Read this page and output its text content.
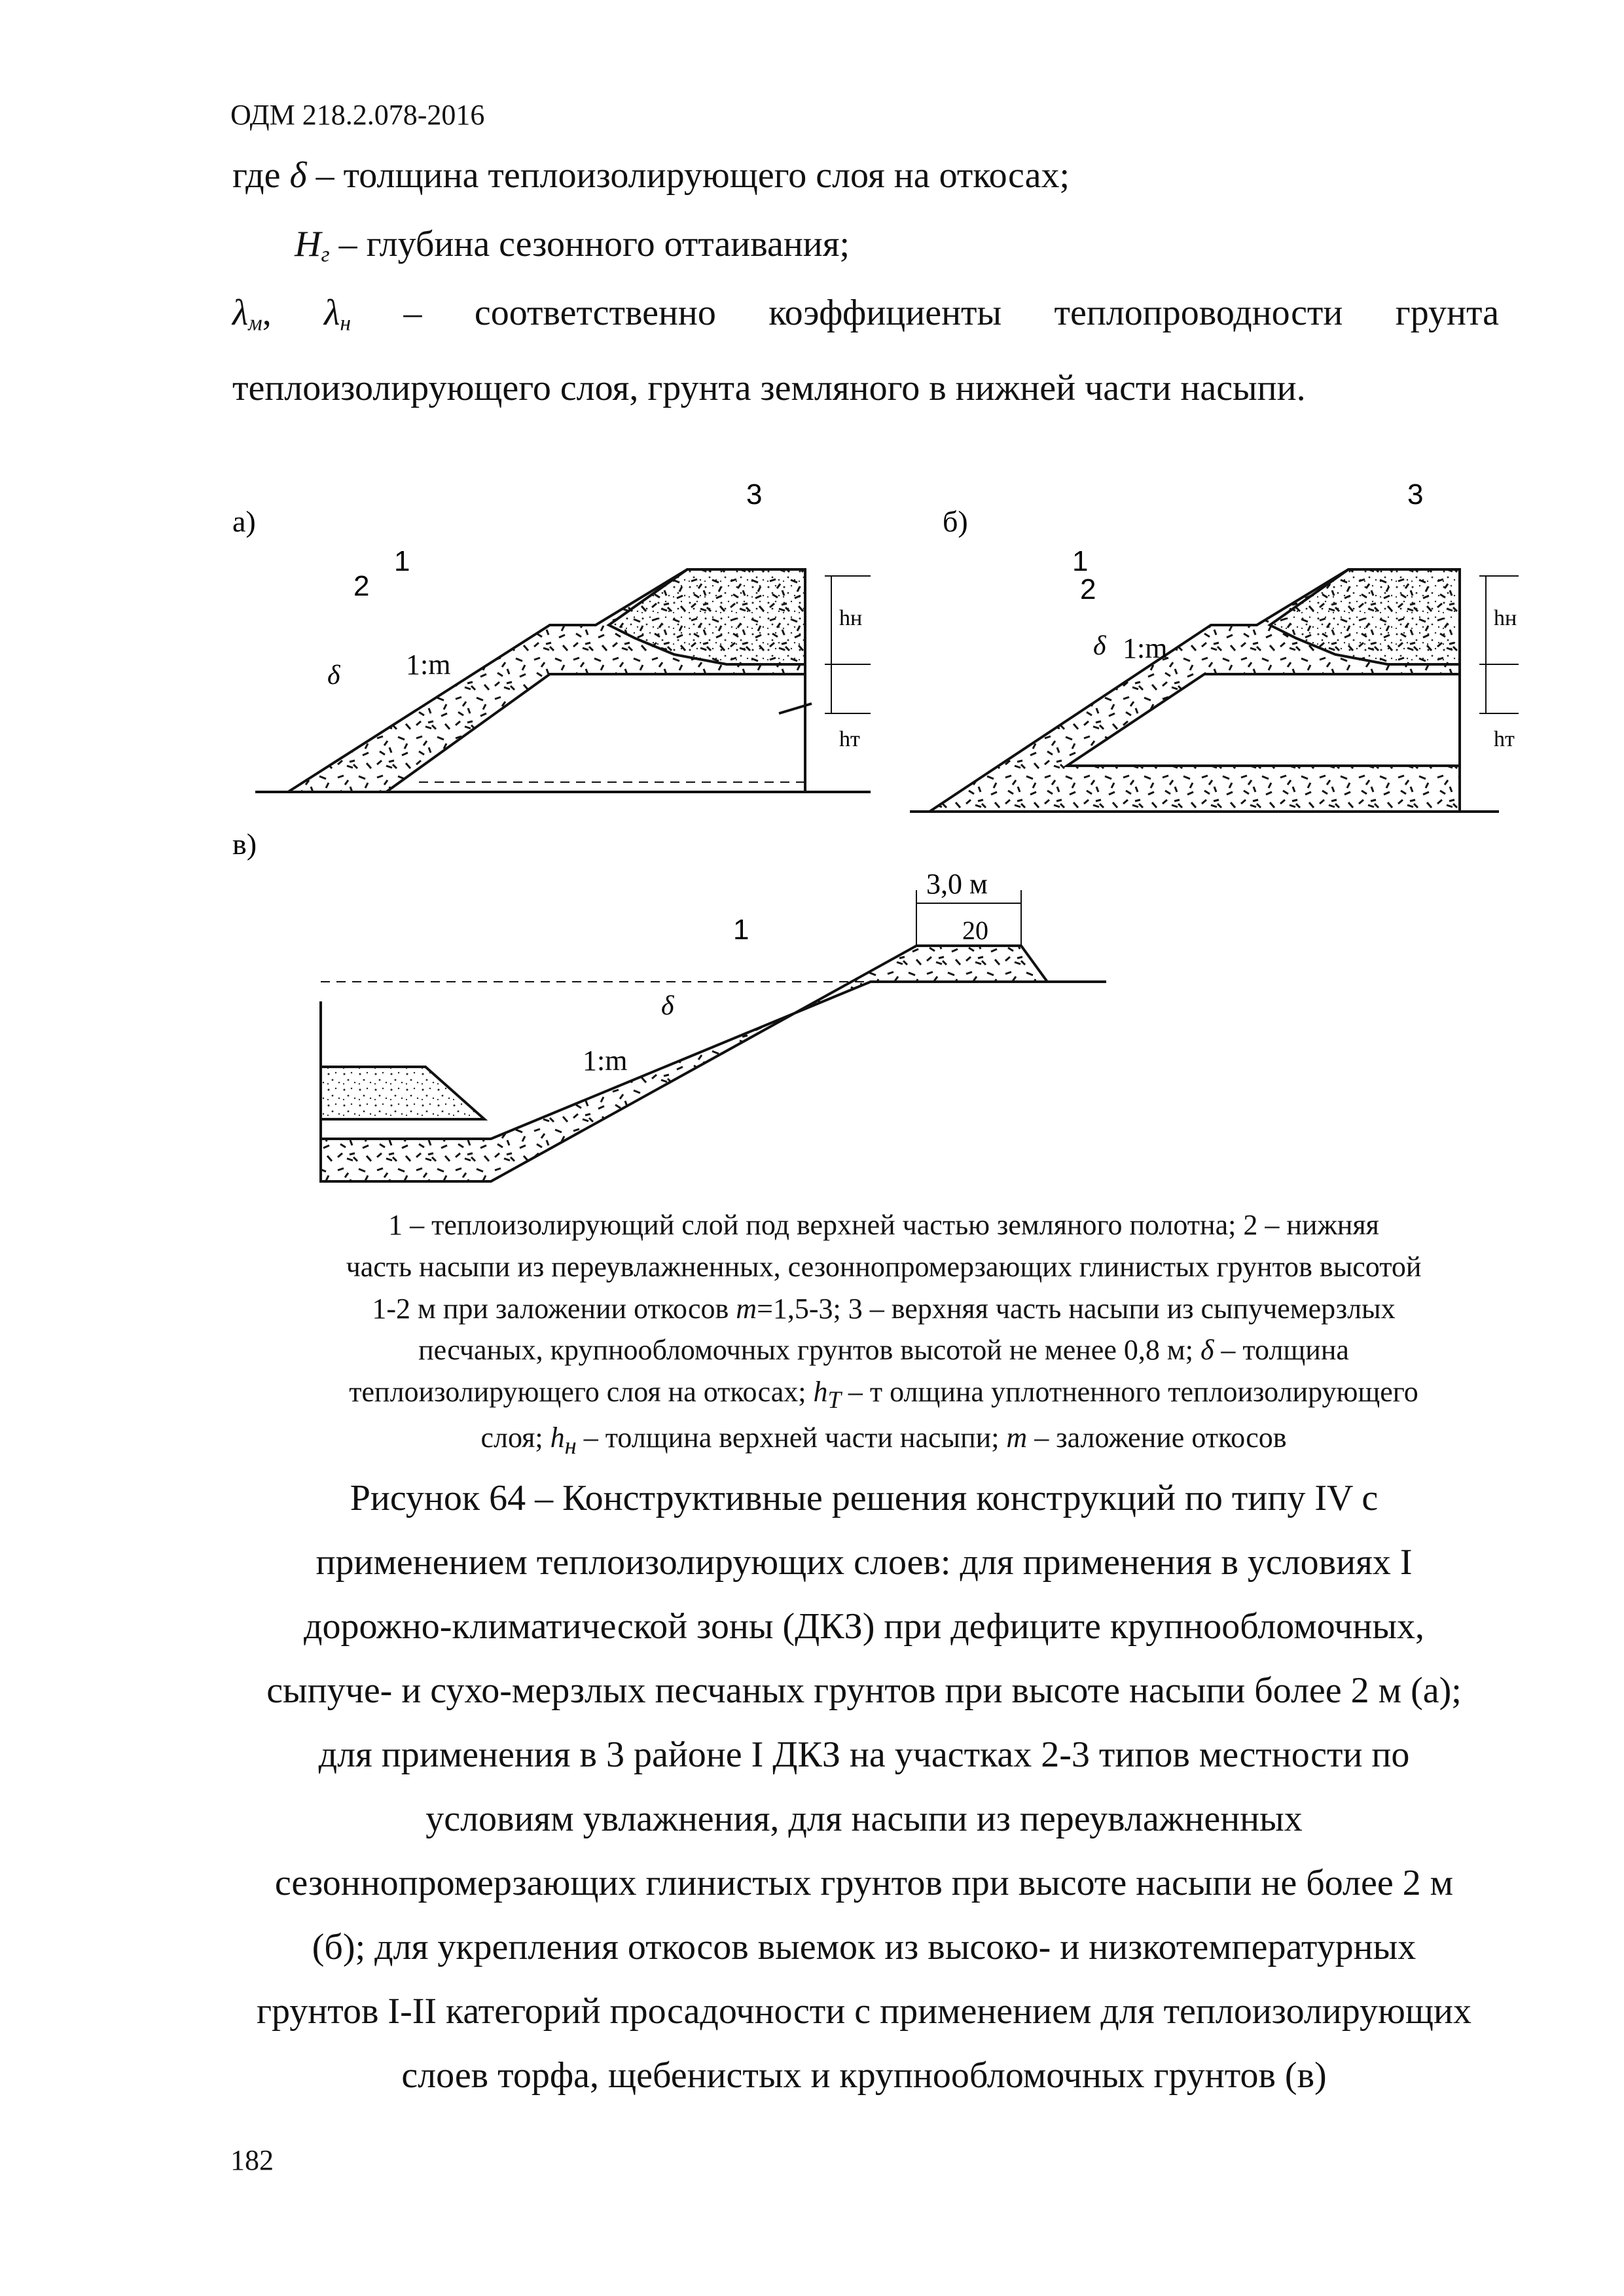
ОДМ 218.2.078-2016
где δ – толщина теплоизолирующего слоя на откосах;
$H_г$ – глубина сезонного оттаивания;
$\lambda_м$, $\lambda_н$ – соответственно коэффициенты теплопроводности грунта
теплоизолирующего слоя, грунта земляного в нижней части насыпи.
а)
1
2
3
1:m
δ
hн
hт
б)
1
2
3
1:m
δ
hн
hт
в)
3,0 м
20
1
1:m
δ
1 – теплоизолирующий слой под верхней частью земляного полотна; 2 – нижняя
часть насыпи из переувлажненных, сезоннопромерзающих глинистых грунтов высотой
1-2 м при заложении откосов m=1,5-3; 3 – верхняя часть насыпи из сыпучемерзлых
песчаных, крупнообломочных грунтов высотой не менее 0,8 м; δ – толщина
теплоизолирующего слоя на откосах; $h_T$ – т олщина уплотненного теплоизолирующего
слоя; $h_н$ – толщина верхней части насыпи; m – заложение откосов
Рисунок 64 – Конструктивные решения конструкций по типу IV с
применением теплоизолирующих слоев: для применения в условиях I
дорожно-климатической зоны (ДКЗ) при дефиците крупнообломочных,
сыпуче- и сухо-мерзлых песчаных грунтов при высоте насыпи более 2 м (а);
для применения в 3 районе I ДКЗ на участках 2-3 типов местности по
условиям увлажнения, для насыпи из переувлажненных
сезоннопромерзающих глинистых грунтов при высоте насыпи не более 2 м
(б); для укрепления откосов выемок из высоко- и низкотемпературных
грунтов I-II категорий просадочности с применением для теплоизолирующих
слоев торфа, щебенистых и крупнообломочных грунтов (в)
182
